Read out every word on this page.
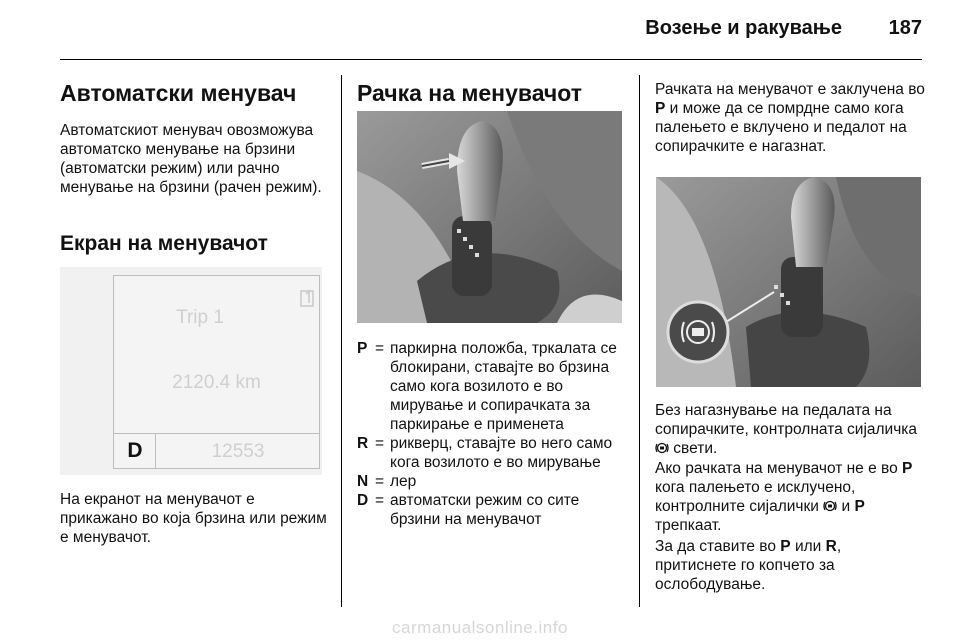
Возење и ракување 187
Автоматски менувач
Автоматскиот менувач овозможува автоматско менување на брзини (автоматски режим) или рачно менување на брзини (рачен режим).
Екран на менувачот
Trip 1
2120.4 km
D	12553
На екранот на менувачот е прикажано во која брзина или режим е менувачот.
Рачка на менувачот
P = паркирна положба, тркалата се блокирани, ставајте во брзина само кога возилото е во мирување и сопирачката за паркирање е применета
R = рикверц, ставајте во него само кога возилото е во мирување
N = лер
D = автоматски режим со сите брзини на менувачот
Рачката на менувачот е заклучена во P и може да се помрдне само кога палењето е вклучено и педалот на сопирачките е нагазнат.
Без нагазнување на педалата на сопирачките, контролната сијаличка  свети.
Ако рачката на менувачот не е во P кога палењето е исклучено, контролните сијалички  и P
трепкаат.
За да ставите во P или R,
притиснете го копчето за ослободување.
carmanualsonline.info
